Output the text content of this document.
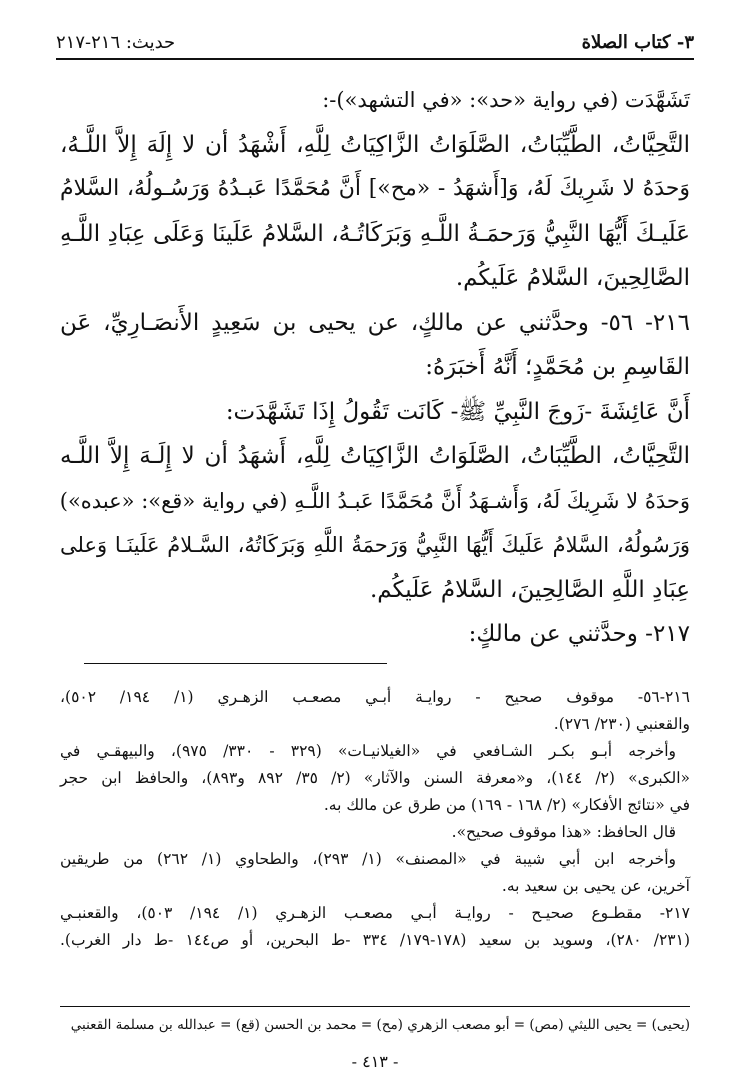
٣- كتاب الصلاة
حديث: ٢١٦-٢١٧
تَشَهَّدَت (في رواية «حد»: «في التشهد»)-:
التَّحِيَّاتُ، الطَّيِّبَاتُ، الصَّلَوَاتُ الزَّاكِيَاتُ لِلَّهِ، أَشْهَدُ أن لا إِلَهَ إِلاَّ اللَّـهُ،
وَحدَهُ لا شَرِيكَ لَهُ، وَ[أَشهَدُ - «مح»] أَنَّ مُحَمَّدًا عَبـدُهُ وَرَسُـولُهُ، السَّلامُ
عَلَيـكَ أَيُّهَا النَّبِيُّ وَرَحمَـةُ اللَّـهِ وَبَرَكَاتُـهُ، السَّلامُ عَلَينَا وَعَلَى عِبَادِ اللَّـهِ
الصَّالِحِينَ، السَّلامُ عَلَيكُم.
٢١٦- ٥٦- وحدَّثني عن مالكٍ، عن يحيى بن سَعِيدٍ الأَنصَـارِيِّ، عَن
القَاسِمِ بن مُحَمَّدٍ؛ أَنَّهُ أَخبَرَهُ:
أَنَّ عَائِشَةَ -زَوجَ النَّبِيِّ ﷺ- كَانَت تَقُولُ إِذَا تَشَهَّدَت:
التَّحِيَّاتُ، الطَّيِّبَاتُ، الصَّلَوَاتُ الزَّاكِيَاتُ لِلَّهِ، أَشهَدُ أن لا إِلَـهَ إِلاَّ اللَّـه
وَحدَهُ لا شَرِيكَ لَهُ، وَأَشـهَدُ أَنَّ مُحَمَّدًا عَبـدُ اللَّـهِ (في رواية «قع»: «عبده»)
وَرَسُولُهُ، السَّلامُ عَلَيكَ أَيُّهَا النَّبِيُّ وَرَحمَةُ اللَّهِ وَبَرَكَاتُهُ، السَّـلامُ عَلَينَـا وَعلى
عِبَادِ اللَّهِ الصَّالِحِينَ، السَّلامُ عَلَيكُم.
٢١٧- وحدَّثني عن مالكٍ:
٢١٦-٥٦- موقوف صحيح - روايـة أبـي مصعـب الزهـري (١/ ١٩٤/ ٥٠٢)،
والقعنبي (٢٣٠/ ٢٧٦).
وأخرجه أبـو بكـر الشـافعي في «الغيلانيـات» (٣٢٩ - ٣٣٠/ ٩٧٥)، والبيهقـي في
«الكبرى» (٢/ ١٤٤)، و«معرفة السنن والآثار» (٢/ ٣٥/ ٨٩٢ و٨٩٣)، والحافظ ابن حجر
في «نتائج الأفكار» (٢/ ١٦٨ - ١٦٩) من طرق عن مالك به.
قال الحافظ: «هذا موقوف صحيح».
وأخرجه ابن أبي شيبة في «المصنف» (١/ ٢٩٣)، والطحاوي (١/ ٢٦٢) من طريقين
آخرين، عن يحيى بن سعيد به.
٢١٧- مقطـوع صحيـح - روايـة أبـي مصعـب الزهـري (١/ ١٩٤/ ٥٠٣)، والقعنبـي
(٢٣١/ ٢٨٠)، وسويد بن سعيد (١٧٨-١٧٩/ ٣٣٤ -ط البحرين، أو ص١٤٤ -ط دار الغرب).
(يحيى) = يحيى الليثي (مص) = أبو مصعب الزهري (مح) = محمد بن الحسن (قع) = عبدالله بن مسلمة القعنبي
- ٤١٣ -
